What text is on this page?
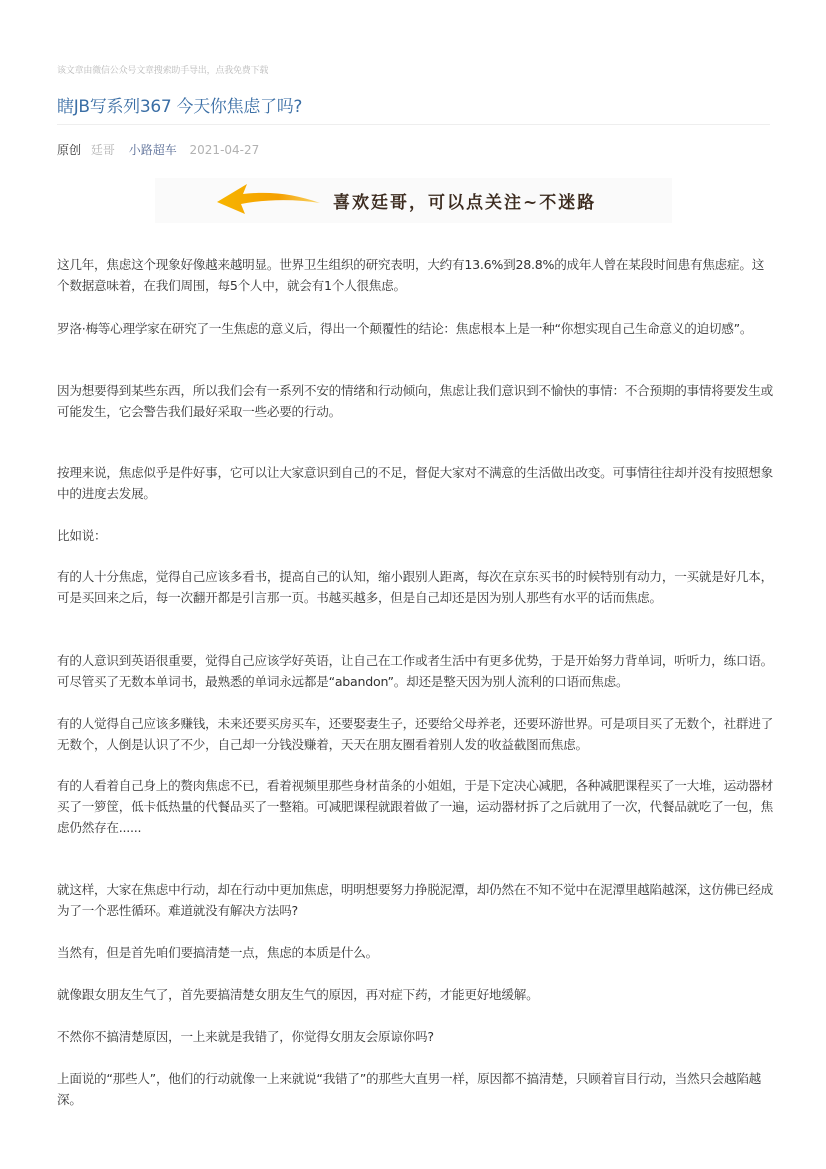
该文章由微信公众号文章搜索助手导出，点我免费下载
瞎JB写系列367 今天你焦虑了吗?
原创 廷哥 小路超车 2021-04-27
喜欢廷哥，可以点关注~不迷路

这几年，焦虑这个现象好像越来越明显。世界卫生组织的研究表明，大约有13.6%到28.8%的成年人曾在某段时间患有焦虑症。这个数据意味着，在我们周围，每5个人中，就会有1个人很焦虑。

罗洛·梅等心理学家在研究了一生焦虑的意义后，得出一个颠覆性的结论：焦虑根本上是一种“你想实现自己生命意义的迫切感”。

因为想要得到某些东西，所以我们会有一系列不安的情绪和行动倾向，焦虑让我们意识到不愉快的事情：不合预期的事情将要发生或可能发生，它会警告我们最好采取一些必要的行动。

按理来说，焦虑似乎是件好事，它可以让大家意识到自己的不足，督促大家对不满意的生活做出改变。可事情往往却并没有按照想象中的进度去发展。

比如说：

有的人十分焦虑，觉得自己应该多看书，提高自己的认知，缩小跟别人距离，每次在京东买书的时候特别有动力，一买就是好几本，可是买回来之后，每一次翻开都是引言那一页。书越买越多，但是自己却还是因为别人那些有水平的话而焦虑。

有的人意识到英语很重要，觉得自己应该学好英语，让自己在工作或者生活中有更多优势，于是开始努力背单词，听听力，练口语。可尽管买了无数本单词书，最熟悉的单词永远都是“abandon”。却还是整天因为别人流利的口语而焦虑。

有的人觉得自己应该多赚钱，未来还要买房买车，还要娶妻生子，还要给父母养老，还要环游世界。可是项目买了无数个，社群进了无数个，人倒是认识了不少，自己却一分钱没赚着，天天在朋友圈看着别人发的收益截图而焦虑。

有的人看着自己身上的赘肉焦虑不已，看着视频里那些身材苗条的小姐姐，于是下定决心减肥，各种减肥课程买了一大堆，运动器材买了一箩筐，低卡低热量的代餐品买了一整箱。可减肥课程就跟着做了一遍，运动器材拆了之后就用了一次，代餐品就吃了一包，焦虑仍然存在......

就这样，大家在焦虑中行动，却在行动中更加焦虑，明明想要努力挣脱泥潭，却仍然在不知不觉中在泥潭里越陷越深，这仿佛已经成为了一个恶性循环。难道就没有解决方法吗?

当然有，但是首先咱们要搞清楚一点，焦虑的本质是什么。

就像跟女朋友生气了，首先要搞清楚女朋友生气的原因，再对症下药，才能更好地缓解。

不然你不搞清楚原因，一上来就是我错了，你觉得女朋友会原谅你吗?

上面说的“那些人”，他们的行动就像一上来就说“我错了”的那些大直男一样，原因都不搞清楚，只顾着盲目行动，当然只会越陷越深。
